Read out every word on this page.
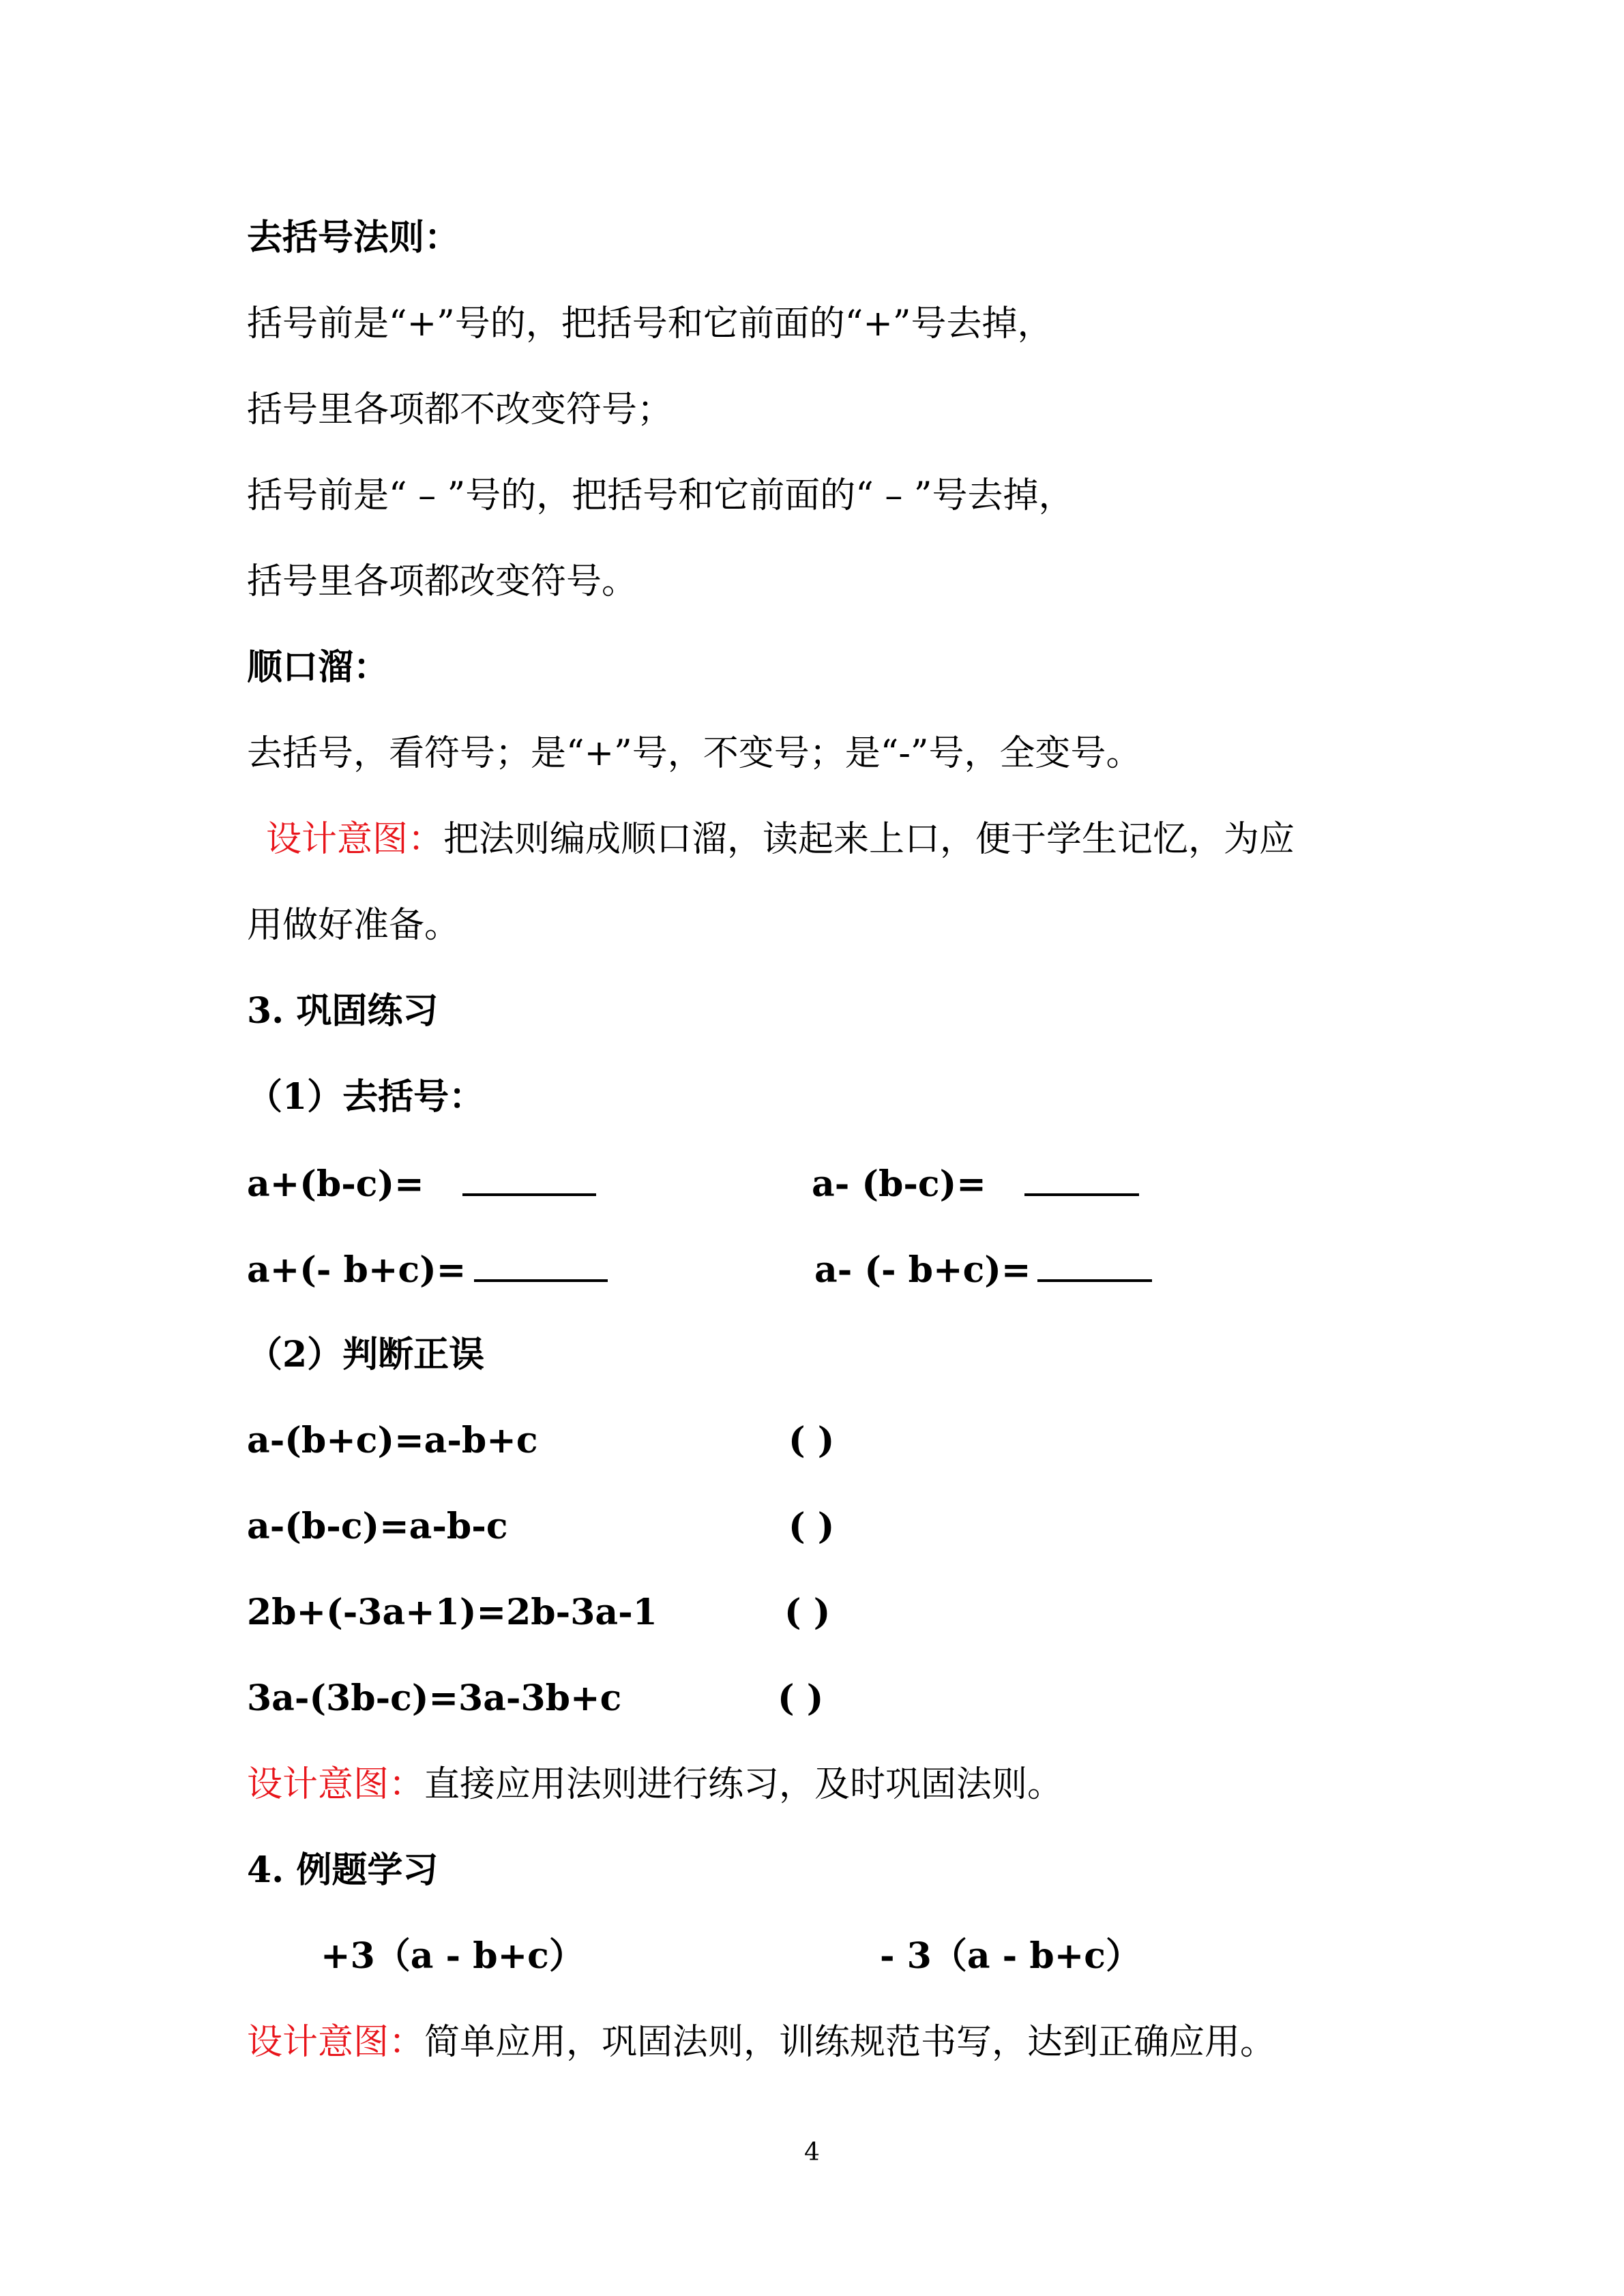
去括号法则：
括号前是“+”号的，把括号和它前面的“+”号去掉，
括号里各项都不改变符号；
括号前是“ – ”号的，把括号和它前面的“ – ”号去掉，
括号里各项都改变符号。
顺口溜：
去括号，看符号；是“+”号，不变号；是“-”号，全变号。
设计意图：把法则编成顺口溜，读起来上口，便于学生记忆，为应
用做好准备。
3. 巩固练习
（1）去括号：
a+(b-c)=	a- (b-c)=
a+(- b+c)=	a- (- b+c)=
（2）判断正误
a-(b+c)=a-b+c	( )
a-(b-c)=a-b-c	( )
2b+(-3a+1)=2b-3a-1	( )
3a-(3b-c)=3a-3b+c	( )
设计意图：直接应用法则进行练习，及时巩固法则。
4. 例题学习
+3（a - b+c）	- 3（a - b+c）
设计意图：简单应用，巩固法则，训练规范书写，达到正确应用。
4
